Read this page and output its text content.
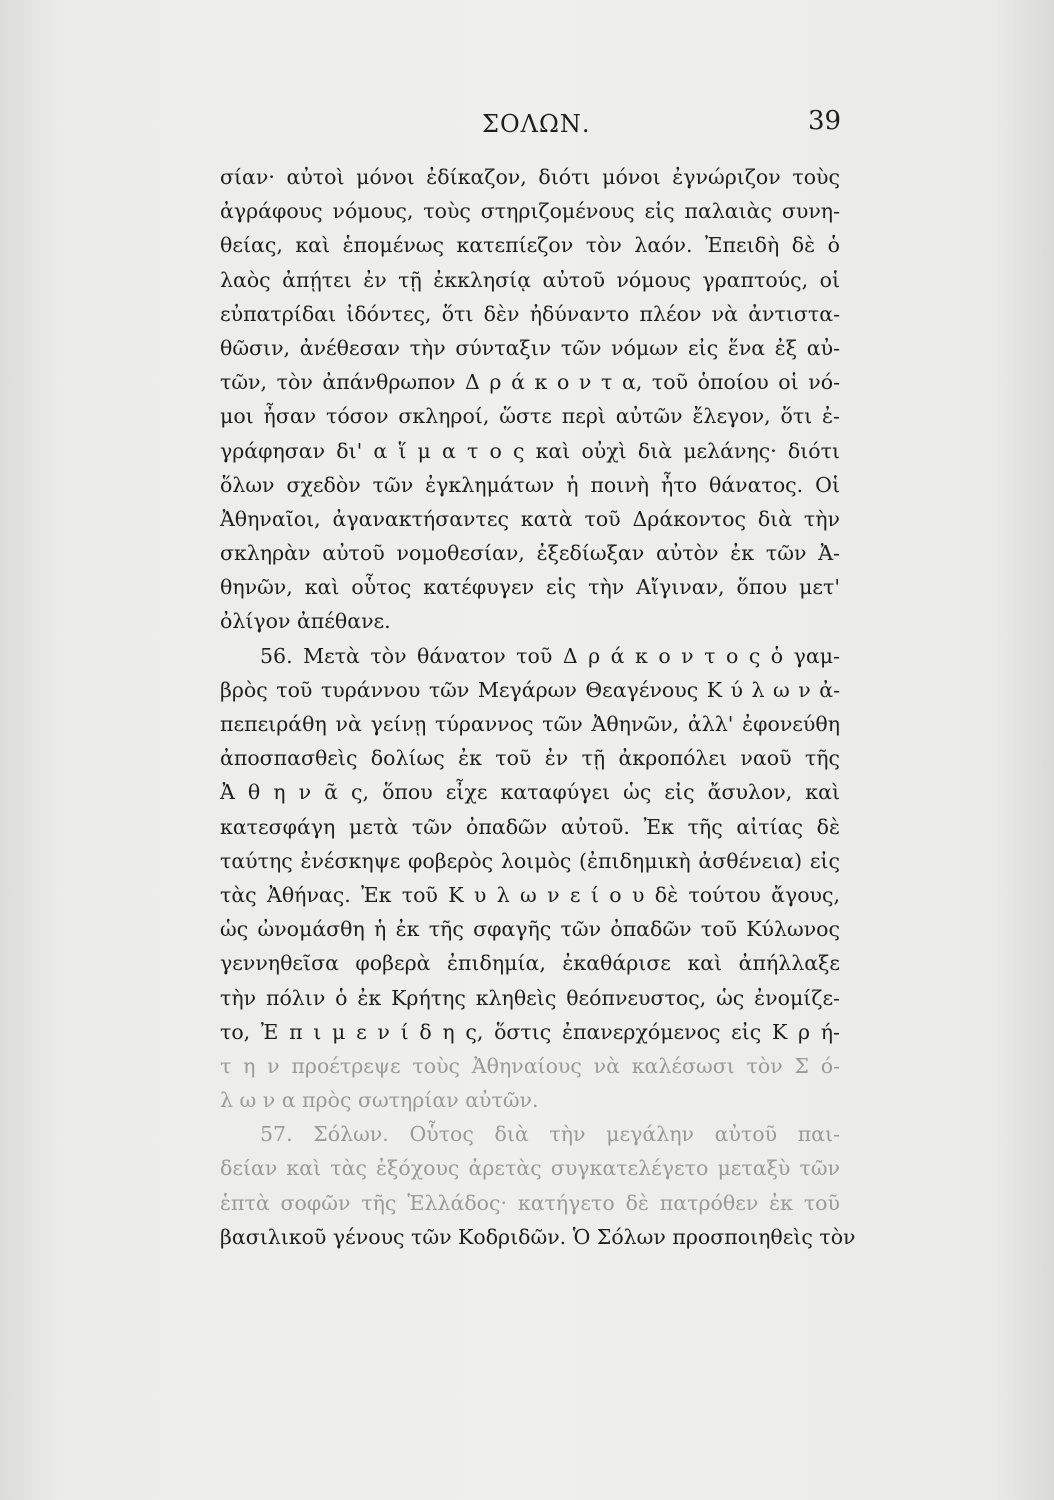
ΣΟΛΩΝ.	39
σίαν· αὐτοὶ μόνοι ἐδίκαζον, διότι μόνοι ἐγνώριζον τοὺς
ἀγράφους νόμους, τοὺς στηριζομένους εἰς παλαιὰς συνη-
θείας, καὶ ἑπομένως κατεπίεζον τὸν λαόν. Ἐπειδὴ δὲ ὁ
λαὸς ἀπῄτει ἐν τῇ ἐκκλησίᾳ αὐτοῦ νόμους γραπτούς, οἱ
εὐπατρίδαι ἰδόντες, ὅτι δὲν ἠδύναντο πλέον νὰ ἀντιστα-
θῶσιν, ἀνέθεσαν τὴν σύνταξιν τῶν νόμων εἰς ἕνα ἐξ αὐ-
τῶν, τὸν ἀπάνθρωπον Δ ρ ά κ ο ν τ α, τοῦ ὁποίου οἱ νό-
μοι ἦσαν τόσον σκληροί, ὥστε περὶ αὐτῶν ἔλεγον, ὅτι ἐ-
γράφησαν δι' α ἵ μ α τ ο ς καὶ οὐχὶ διὰ μελάνης· διότι
ὅλων σχεδὸν τῶν ἐγκλημάτων ἡ ποινὴ ἦτο θάνατος. Οἱ
Ἀθηναῖοι, ἀγανακτήσαντες κατὰ τοῦ Δράκοντος διὰ τὴν
σκληρὰν αὐτοῦ νομοθεσίαν, ἐξεδίωξαν αὐτὸν ἐκ τῶν Ἀ-
θηνῶν, καὶ οὗτος κατέφυγεν εἰς τὴν Αἴγιναν, ὅπου μετ'
ὀλίγον ἀπέθανε.
56. Μετὰ τὸν θάνατον τοῦ Δ ρ ά κ ο ν τ ο ς ὁ γαμ-
βρὸς τοῦ τυράννου τῶν Μεγάρων Θεαγένους Κ ύ λ ω ν ἀ-
πεπειράθη νὰ γείνῃ τύραννος τῶν Ἀθηνῶν, ἀλλ' ἐφονεύθη
ἀποσπασθεὶς δολίως ἐκ τοῦ ἐν τῇ ἀκροπόλει ναοῦ τῆς
Ἀ θ η ν ᾶ ς, ὅπου εἶχε καταφύγει ὡς εἰς ἄσυλον, καὶ
κατεσφάγη μετὰ τῶν ὀπαδῶν αὐτοῦ. Ἐκ τῆς αἰτίας δὲ
ταύτης ἐνέσκηψε φοβερὸς λοιμὸς (ἐπιδημικὴ ἀσθένεια) εἰς
τὰς Ἀθήνας. Ἐκ τοῦ Κ υ λ ω ν ε ί ο υ δὲ τούτου ἄγους,
ὡς ὠνομάσθη ἡ ἐκ τῆς σφαγῆς τῶν ὀπαδῶν τοῦ Κύλωνος
γεννηθεῖσα φοβερὰ ἐπιδημία, ἐκαθάρισε καὶ ἀπήλλαξε
τὴν πόλιν ὁ ἐκ Κρήτης κληθεὶς θεόπνευστος, ὡς ἐνομίζε-
το, Ἐ π ι μ ε ν ί δ η ς, ὅστις ἐπανερχόμενος εἰς Κ ρ ή-
τ η ν προέτρεψε τοὺς Ἀθηναίους νὰ καλέσωσι τὸν Σ ό-
λ ω ν α πρὸς σωτηρίαν αὐτῶν.
57. Σόλων. Οὗτος διὰ τὴν μεγάλην αὐτοῦ παι-
δείαν καὶ τὰς ἐξόχους ἀρετὰς συγκατελέγετο μεταξὺ τῶν
ἑπτὰ σοφῶν τῆς Ἑλλάδος· κατήγετο δὲ πατρόθεν ἐκ τοῦ
βασιλικοῦ γένους τῶν Κοδριδῶν. Ὁ Σόλων προσποιηθεὶς τὸν
